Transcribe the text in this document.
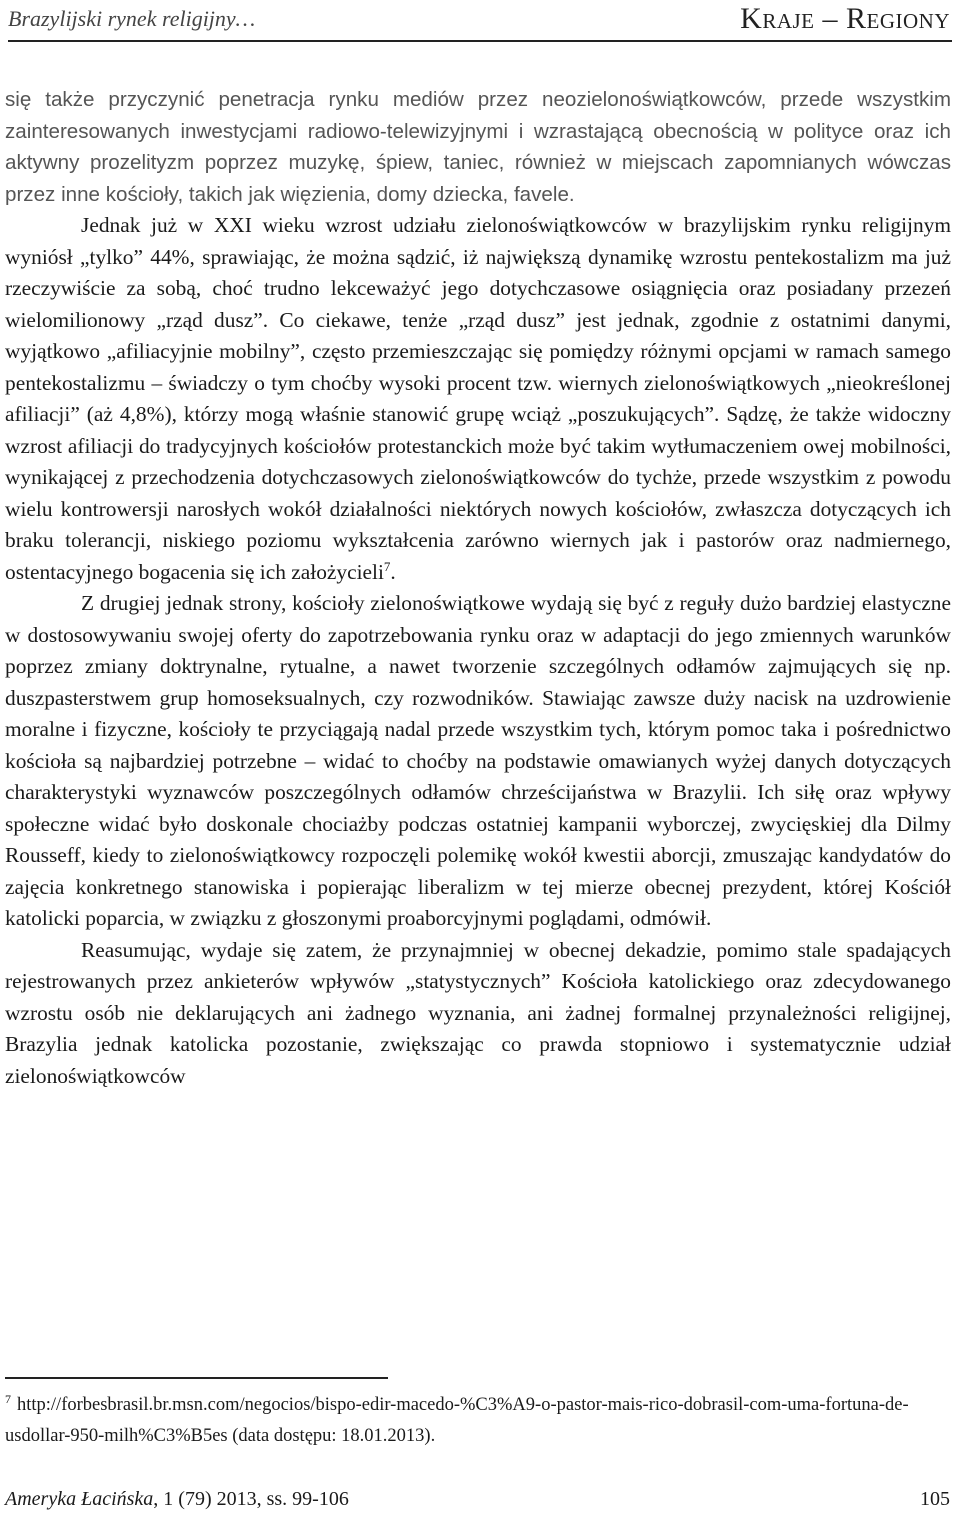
Brazylijski rynek religijny…	Kraje – Regiony

się także przyczynić penetracja rynku mediów przez neozielonoświątkowców, przede wszystkim zainteresowanych inwestycjami radiowo-telewizyjnymi i wzrastającą obecnością w polityce oraz ich aktywny prozelityzm poprzez muzykę, śpiew, taniec, również w miejscach zapomnianych wówczas przez inne kościoły, takich jak więzienia, domy dziecka, favele.

Jednak już w XXI wieku wzrost udziału zielonoświątkowców w brazylijskim rynku religijnym wyniósł „tylko” 44%, sprawiając, że można sądzić, iż największą dynamikę wzrostu pentekostalizm ma już rzeczywiście za sobą, choć trudno lekceważyć jego dotychczasowe osiągnięcia oraz posiadany przezeń wielomilionowy „rząd dusz”. Co ciekawe, tenże „rząd dusz” jest jednak, zgodnie z ostatnimi danymi, wyjątkowo „afiliacyjnie mobilny”, często przemieszczając się pomiędzy różnymi opcjami w ramach samego pentekostalizmu – świadczy o tym choćby wysoki procent tzw. wiernych zielonoświątkowych „nieokreślonej afiliacji” (aż 4,8%), którzy mogą właśnie stanowić grupę wciąż „poszukujących”. Sądzę, że także widoczny wzrost afiliacji do tradycyjnych kościołów protestanckich może być takim wytłumaczeniem owej mobilności, wynikającej z przechodzenia dotychczasowych zielonoświątkowców do tychże, przede wszystkim z powodu wielu kontrowersji narosłych wokół działalności niektórych nowych kościołów, zwłaszcza dotyczących ich braku tolerancji, niskiego poziomu wykształcenia zarówno wiernych jak i pastorów oraz nadmiernego, ostentacyjnego bogacenia się ich założycieli$^7$.

Z drugiej jednak strony, kościoły zielonoświątkowe wydają się być z reguły dużo bardziej elastyczne w dostosowywaniu swojej oferty do zapotrzebowania rynku oraz w adaptacji do jego zmiennych warunków poprzez zmiany doktrynalne, rytualne, a nawet tworzenie szczególnych odłamów zajmujących się np. duszpasterstwem grup homoseksualnych, czy rozwodników. Stawiając zawsze duży nacisk na uzdrowienie moralne i fizyczne, kościoły te przyciągają nadal przede wszystkim tych, którym pomoc taka i pośrednictwo kościoła są najbardziej potrzebne – widać to choćby na podstawie omawianych wyżej danych dotyczących charakterystyki wyznawców poszczególnych odłamów chrześcijaństwa w Brazylii. Ich siłę oraz wpływy społeczne widać było doskonale chociażby podczas ostatniej kampanii wyborczej, zwycięskiej dla Dilmy Rousseff, kiedy to zielonoświątkowcy rozpoczęli polemikę wokół kwestii aborcji, zmuszając kandydatów do zajęcia konkretnego stanowiska i popierając liberalizm w tej mierze obecnej prezydent, której Kościół katolicki poparcia, w związku z głoszonymi proaborcyjnymi poglądami, odmówił.

Reasumując, wydaje się zatem, że przynajmniej w obecnej dekadzie, pomimo stale spadających rejestrowanych przez ankieterów wpływów „statystycznych” Kościoła katolickiego oraz zdecydowanego wzrostu osób nie deklarujących ani żadnego wyznania, ani żadnej formalnej przynależności religijnej, Brazylia jednak katolicka pozostanie, zwiększając co prawda stopniowo i systematycznie udział zielonoświątkowców

$^7$ http://forbesbrasil.br.msn.com/negocios/bispo-edir-macedo-%C3%A9-o-pastor-mais-rico-dobrasil-com-uma-fortuna-de-usdollar-950-milh%C3%B5es (data dostępu: 18.01.2013).
Ameryka Łacińska, 1 (79) 2013, ss. 99-106	105
